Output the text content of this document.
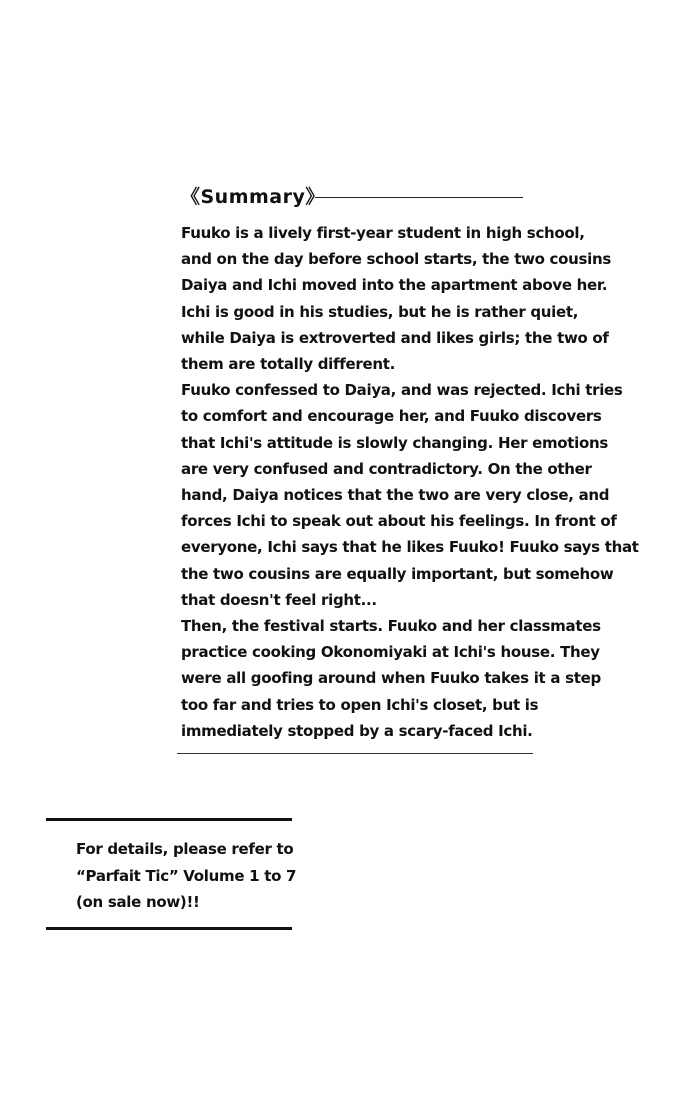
《Summary》
Fuuko is a lively first-year student in high school,
and on the day before school starts, the two cousins
Daiya and Ichi moved into the apartment above her.
Ichi is good in his studies, but he is rather quiet,
while Daiya is extroverted and likes girls; the two of
them are totally different.
Fuuko confessed to Daiya, and was rejected. Ichi tries
to comfort and encourage her, and Fuuko discovers
that Ichi's attitude is slowly changing. Her emotions
are very confused and contradictory. On the other
hand, Daiya notices that the two are very close, and
forces Ichi to speak out about his feelings. In front of
everyone, Ichi says that he likes Fuuko! Fuuko says that
the two cousins are equally important, but somehow
that doesn't feel right...
Then, the festival starts. Fuuko and her classmates
practice cooking Okonomiyaki at Ichi's house. They
were all goofing around when Fuuko takes it a step
too far and tries to open Ichi's closet, but is
immediately stopped by a scary-faced Ichi.
For details, please refer to
“Parfait Tic” Volume 1 to 7
(on sale now)!!
